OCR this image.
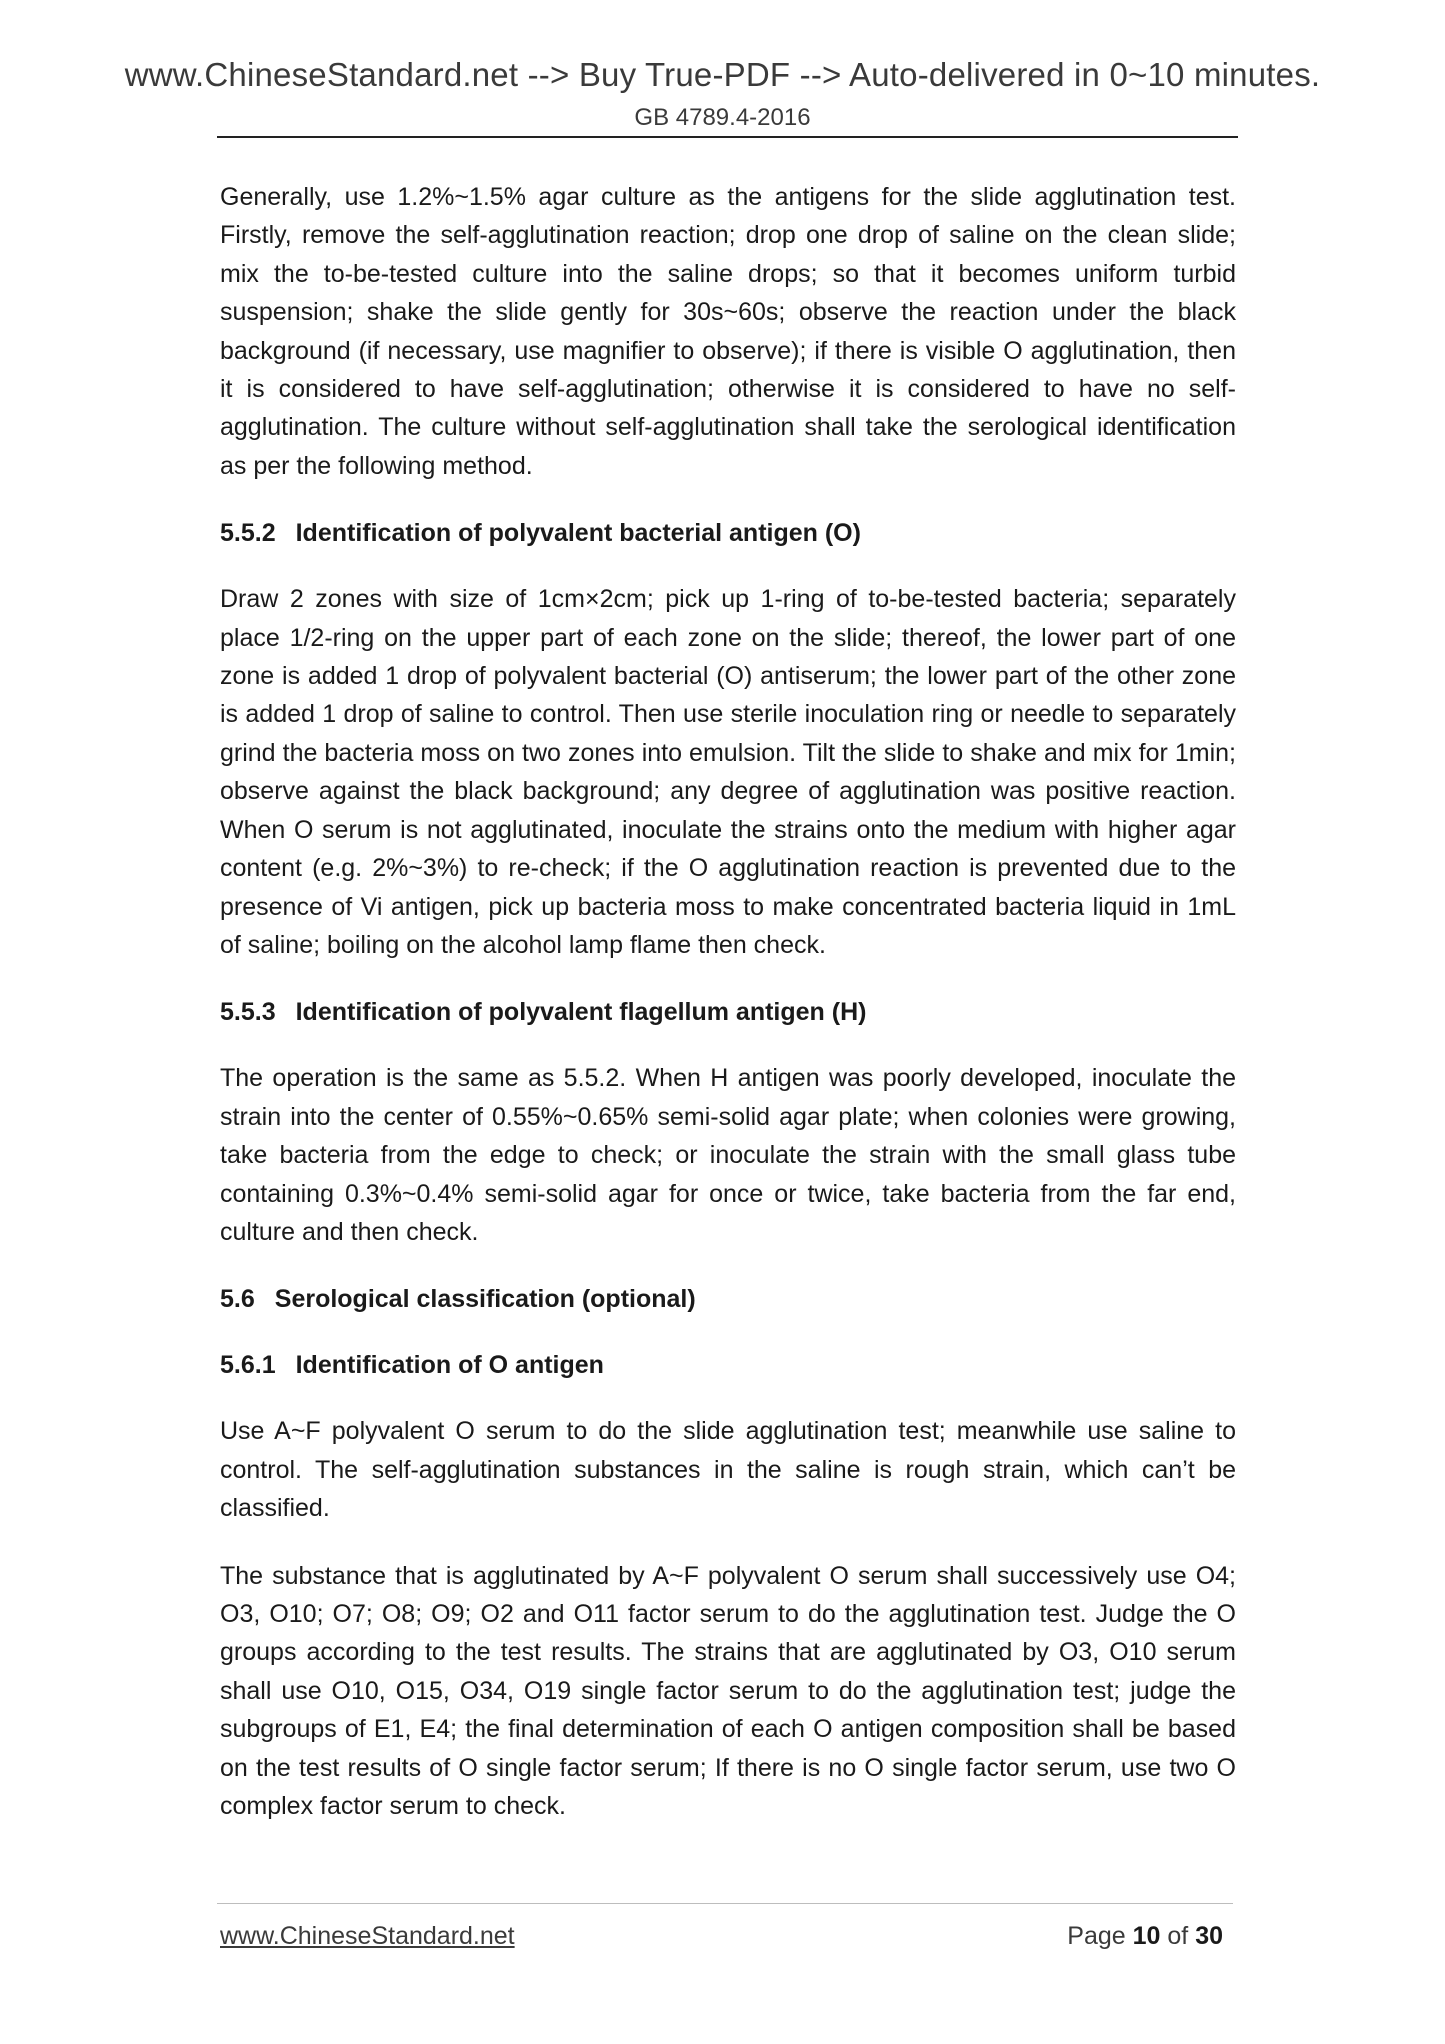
www.ChineseStandard.net --> Buy True-PDF --> Auto-delivered in 0~10 minutes.
GB 4789.4-2016

Generally, use 1.2%~1.5% agar culture as the antigens for the slide agglutination test. Firstly, remove the self-agglutination reaction; drop one drop of saline on the clean slide; mix the to-be-tested culture into the saline drops; so that it becomes uniform turbid suspension; shake the slide gently for 30s~60s; observe the reaction under the black background (if necessary, use magnifier to observe); if there is visible O agglutination, then it is considered to have self-agglutination; otherwise it is considered to have no self-agglutination. The culture without self-agglutination shall take the serological identification as per the following method.

5.5.2 Identification of polyvalent bacterial antigen (O)

Draw 2 zones with size of 1cm×2cm; pick up 1-ring of to-be-tested bacteria; separately place 1/2-ring on the upper part of each zone on the slide; thereof, the lower part of one zone is added 1 drop of polyvalent bacterial (O) antiserum; the lower part of the other zone is added 1 drop of saline to control. Then use sterile inoculation ring or needle to separately grind the bacteria moss on two zones into emulsion. Tilt the slide to shake and mix for 1min; observe against the black background; any degree of agglutination was positive reaction. When O serum is not agglutinated, inoculate the strains onto the medium with higher agar content (e.g. 2%~3%) to re-check; if the O agglutination reaction is prevented due to the presence of Vi antigen, pick up bacteria moss to make concentrated bacteria liquid in 1mL of saline; boiling on the alcohol lamp flame then check.

5.5.3 Identification of polyvalent flagellum antigen (H)

The operation is the same as 5.5.2. When H antigen was poorly developed, inoculate the strain into the center of 0.55%~0.65% semi-solid agar plate; when colonies were growing, take bacteria from the edge to check; or inoculate the strain with the small glass tube containing 0.3%~0.4% semi-solid agar for once or twice, take bacteria from the far end, culture and then check.

5.6 Serological classification (optional)
5.6.1 Identification of O antigen

Use A~F polyvalent O serum to do the slide agglutination test; meanwhile use saline to control. The self-agglutination substances in the saline is rough strain, which can’t be classified.

The substance that is agglutinated by A~F polyvalent O serum shall successively use O4; O3, O10; O7; O8; O9; O2 and O11 factor serum to do the agglutination test. Judge the O groups according to the test results. The strains that are agglutinated by O3, O10 serum shall use O10, O15, O34, O19 single factor serum to do the agglutination test; judge the subgroups of E1, E4; the final determination of each O antigen composition shall be based on the test results of O single factor serum; If there is no O single factor serum, use two O complex factor serum to check.

www.ChineseStandard.net	Page 10 of 30
